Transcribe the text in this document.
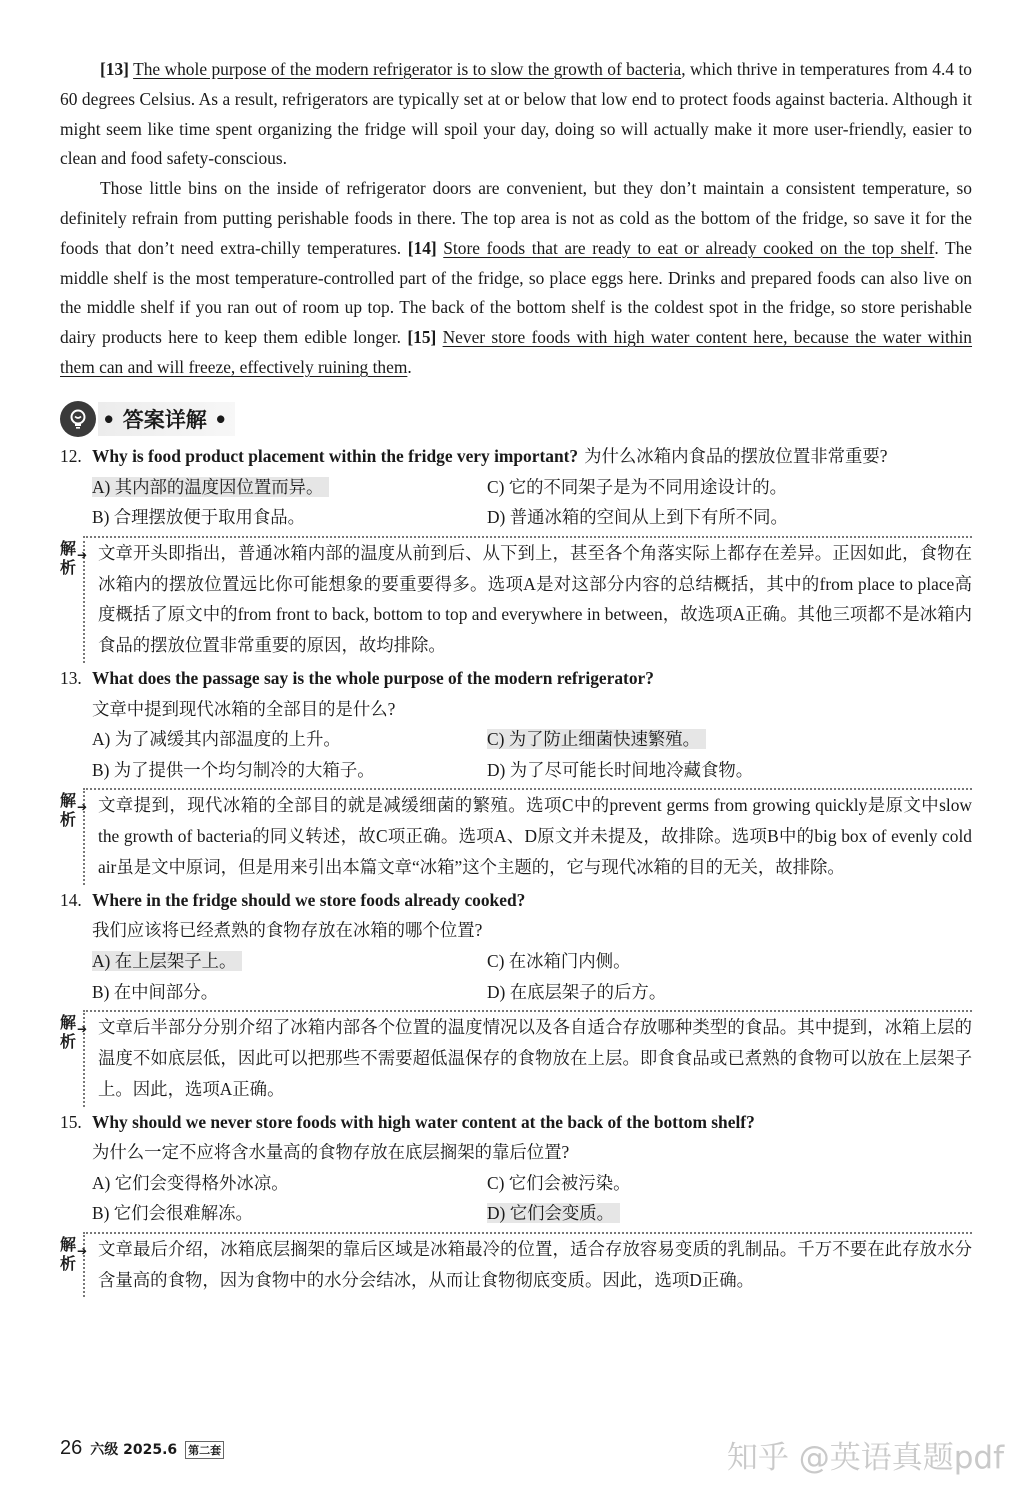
[13] The whole purpose of the modern refrigerator is to slow the growth of bacteria, which thrive in temperatures from 4.4 to 60 degrees Celsius. As a result, refrigerators are typically set at or below that low end to protect foods against bacteria. Although it might seem like time spent organizing the fridge will spoil your day, doing so will actually make it more user-friendly, easier to clean and food safety-conscious.

Those little bins on the inside of refrigerator doors are convenient, but they don’t maintain a consistent temperature, so definitely refrain from putting perishable foods in there. The top area is not as cold as the bottom of the fridge, so save it for the foods that don’t need extra-chilly temperatures. [14] Store foods that are ready to eat or already cooked on the top shelf. The middle shelf is the most temperature-controlled part of the fridge, so place eggs here. Drinks and prepared foods can also live on the middle shelf if you ran out of room up top. The back of the bottom shelf is the coldest spot in the fridge, so store perishable dairy products here to keep them edible longer. [15] Never store foods with high water content here, because the water within them can and will freeze, effectively ruining them.

• 答案详解 •
12. Why is food product placement within the fridge very important? 为什么冰箱内食品的摆放位置非常重要?
A) 其内部的温度因位置而异。	C) 它的不同架子是为不同用途设计的。
B) 合理摆放便于取用食品。	D) 普通冰箱的空间从上到下有所不同。
解析
➔ 文章开头即指出，普通冰箱内部的温度从前到后、从下到上，甚至各个角落实际上都存在差异。正因如此，食物在冰箱内的摆放位置远比你可能想象的要重要得多。选项A是对这部分内容的总结概括，其中的from place to place高度概括了原文中的from front to back, bottom to top and everywhere in between，故选项A正确。其他三项都不是冰箱内食品的摆放位置非常重要的原因，故均排除。
13. What does the passage say is the whole purpose of the modern refrigerator?
文章中提到现代冰箱的全部目的是什么?
A) 为了减缓其内部温度的上升。	C) 为了防止细菌快速繁殖。
B) 为了提供一个均匀制冷的大箱子。	D) 为了尽可能长时间地冷藏食物。
解析
➔ 文章提到，现代冰箱的全部目的就是减缓细菌的繁殖。选项C中的prevent germs from growing quickly是原文中slow the growth of bacteria的同义转述，故C项正确。选项A、D原文并未提及，故排除。选项B中的big box of evenly cold air虽是文中原词，但是用来引出本篇文章“冰箱”这个主题的，它与现代冰箱的目的无关，故排除。
14. Where in the fridge should we store foods already cooked?
我们应该将已经煮熟的食物存放在冰箱的哪个位置?
A) 在上层架子上。	C) 在冰箱门内侧。
B) 在中间部分。	D) 在底层架子的后方。
解析
➔ 文章后半部分分别介绍了冰箱内部各个位置的温度情况以及各自适合存放哪种类型的食品。其中提到，冰箱上层的温度不如底层低，因此可以把那些不需要超低温保存的食物放在上层。即食食品或已煮熟的食物可以放在上层架子上。因此，选项A正确。
15. Why should we never store foods with high water content at the back of the bottom shelf?
为什么一定不应将含水量高的食物存放在底层搁架的靠后位置?
A) 它们会变得格外冰凉。	C) 它们会被污染。
B) 它们会很难解冻。	D) 它们会变质。
解析
➔ 文章最后介绍，冰箱底层搁架的靠后区域是冰箱最冷的位置，适合存放容易变质的乳制品。千万不要在此存放水分含量高的食物，因为食物中的水分会结冰，从而让食物彻底变质。因此，选项D正确。
26 六级 2025.6 第二套	知乎 @英语真题pdf
